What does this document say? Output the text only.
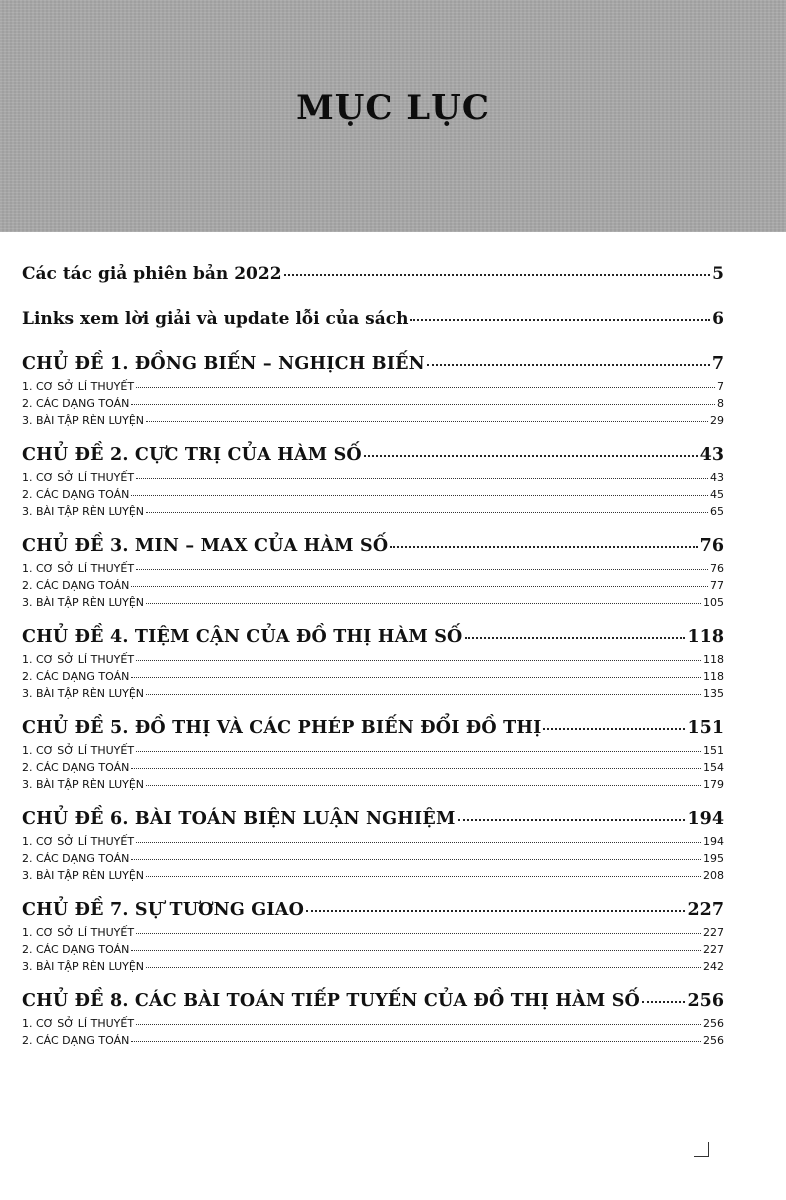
MỤC LỤC
Các tác giả phiên bản 2022	5
Links xem lời giải và update lỗi của sách	6
CHỦ ĐỀ 1. ĐỒNG BIẾN – NGHỊCH BIẾN	7
1. CƠ SỞ LÍ THUYẾT	7
2. CÁC DẠNG TOÁN	8
3. BÀI TẬP RÈN LUYỆN	29
CHỦ ĐỀ 2. CỰC TRỊ CỦA HÀM SỐ	43
1. CƠ SỞ LÍ THUYẾT	43
2. CÁC DẠNG TOÁN	45
3. BÀI TẬP RÈN LUYỆN	65
CHỦ ĐỀ 3. MIN – MAX CỦA HÀM SỐ	76
1. CƠ SỞ LÍ THUYẾT	76
2. CÁC DẠNG TOÁN	77
3. BÀI TẬP RÈN LUYỆN	105
CHỦ ĐỀ 4. TIỆM CẬN CỦA ĐỒ THỊ HÀM SỐ	118
1. CƠ SỞ LÍ THUYẾT	118
2. CÁC DẠNG TOÁN	118
3. BÀI TẬP RÈN LUYỆN	135
CHỦ ĐỀ 5. ĐỒ THỊ VÀ CÁC PHÉP BIẾN ĐỔI ĐỒ THỊ	151
1. CƠ SỞ LÍ THUYẾT	151
2. CÁC DẠNG TOÁN	154
3. BÀI TẬP RÈN LUYỆN	179
CHỦ ĐỀ 6. BÀI TOÁN BIỆN LUẬN NGHIỆM	194
1. CƠ SỞ LÍ THUYẾT	194
2. CÁC DẠNG TOÁN	195
3. BÀI TẬP RÈN LUYỆN	208
CHỦ ĐỀ 7. SỰ TƯƠNG GIAO	227
1. CƠ SỞ LÍ THUYẾT	227
2. CÁC DẠNG TOÁN	227
3. BÀI TẬP RÈN LUYỆN	242
CHỦ ĐỀ 8. CÁC BÀI TOÁN TIẾP TUYẾN CỦA ĐỒ THỊ HÀM SỐ	256
1. CƠ SỞ LÍ THUYẾT	256
2. CÁC DẠNG TOÁN	256
